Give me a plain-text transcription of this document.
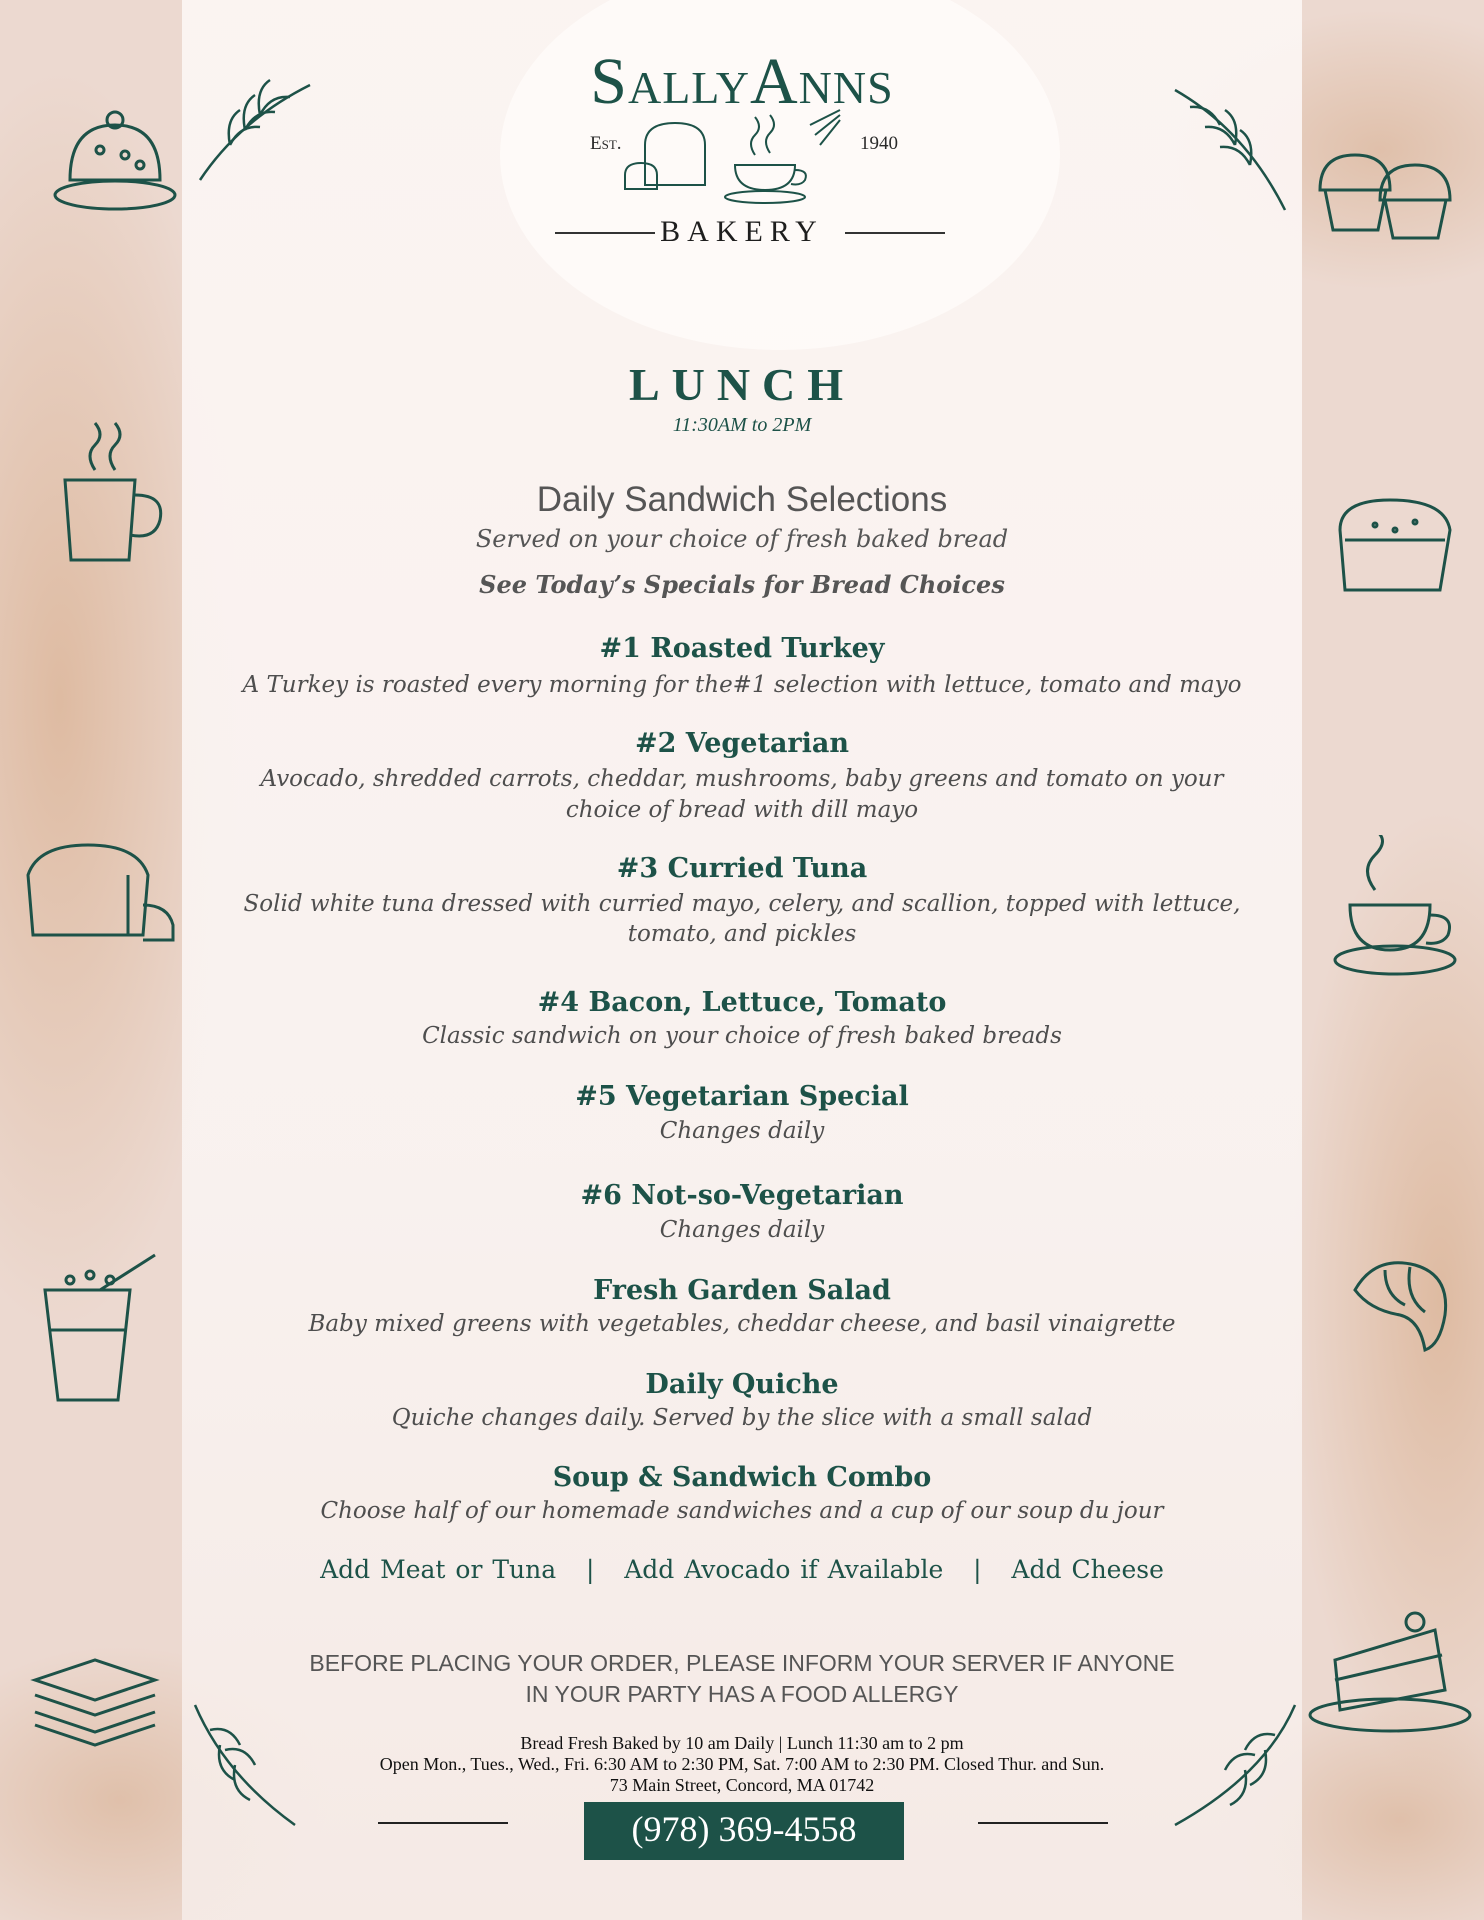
SallyAnns
Est.	1940
BAKERY
LUNCH
11:30AM to 2PM
Daily Sandwich Selections
Served on your choice of fresh baked bread
See Today’s Specials for Bread Choices
#1 Roasted Turkey
A Turkey is roasted every morning for the#1 selection with lettuce, tomato and mayo
#2 Vegetarian
Avocado, shredded carrots, cheddar, mushrooms, baby greens and tomato on your
choice of bread with dill mayo
#3 Curried Tuna
Solid white tuna dressed with curried mayo, celery, and scallion, topped with lettuce,
tomato, and pickles
#4 Bacon, Lettuce, Tomato
Classic sandwich on your choice of fresh baked breads
#5 Vegetarian Special
Changes daily
#6 Not-so-Vegetarian
Changes daily
Fresh Garden Salad
Baby mixed greens with vegetables, cheddar cheese, and basil vinaigrette
Daily Quiche
Quiche changes daily. Served by the slice with a small salad
Soup & Sandwich Combo
Choose half of our homemade sandwiches and a cup of our soup du jour
Add Meat or Tuna   |   Add Avocado if Available   |   Add Cheese
BEFORE PLACING YOUR ORDER, PLEASE INFORM YOUR SERVER IF ANYONE
IN YOUR PARTY HAS A FOOD ALLERGY
Bread Fresh Baked by 10 am Daily | Lunch 11:30 am to 2 pm
Open Mon., Tues., Wed., Fri. 6:30 AM to 2:30 PM, Sat. 7:00 AM to 2:30 PM. Closed Thur. and Sun.
73 Main Street, Concord, MA 01742
(978) 369-4558
